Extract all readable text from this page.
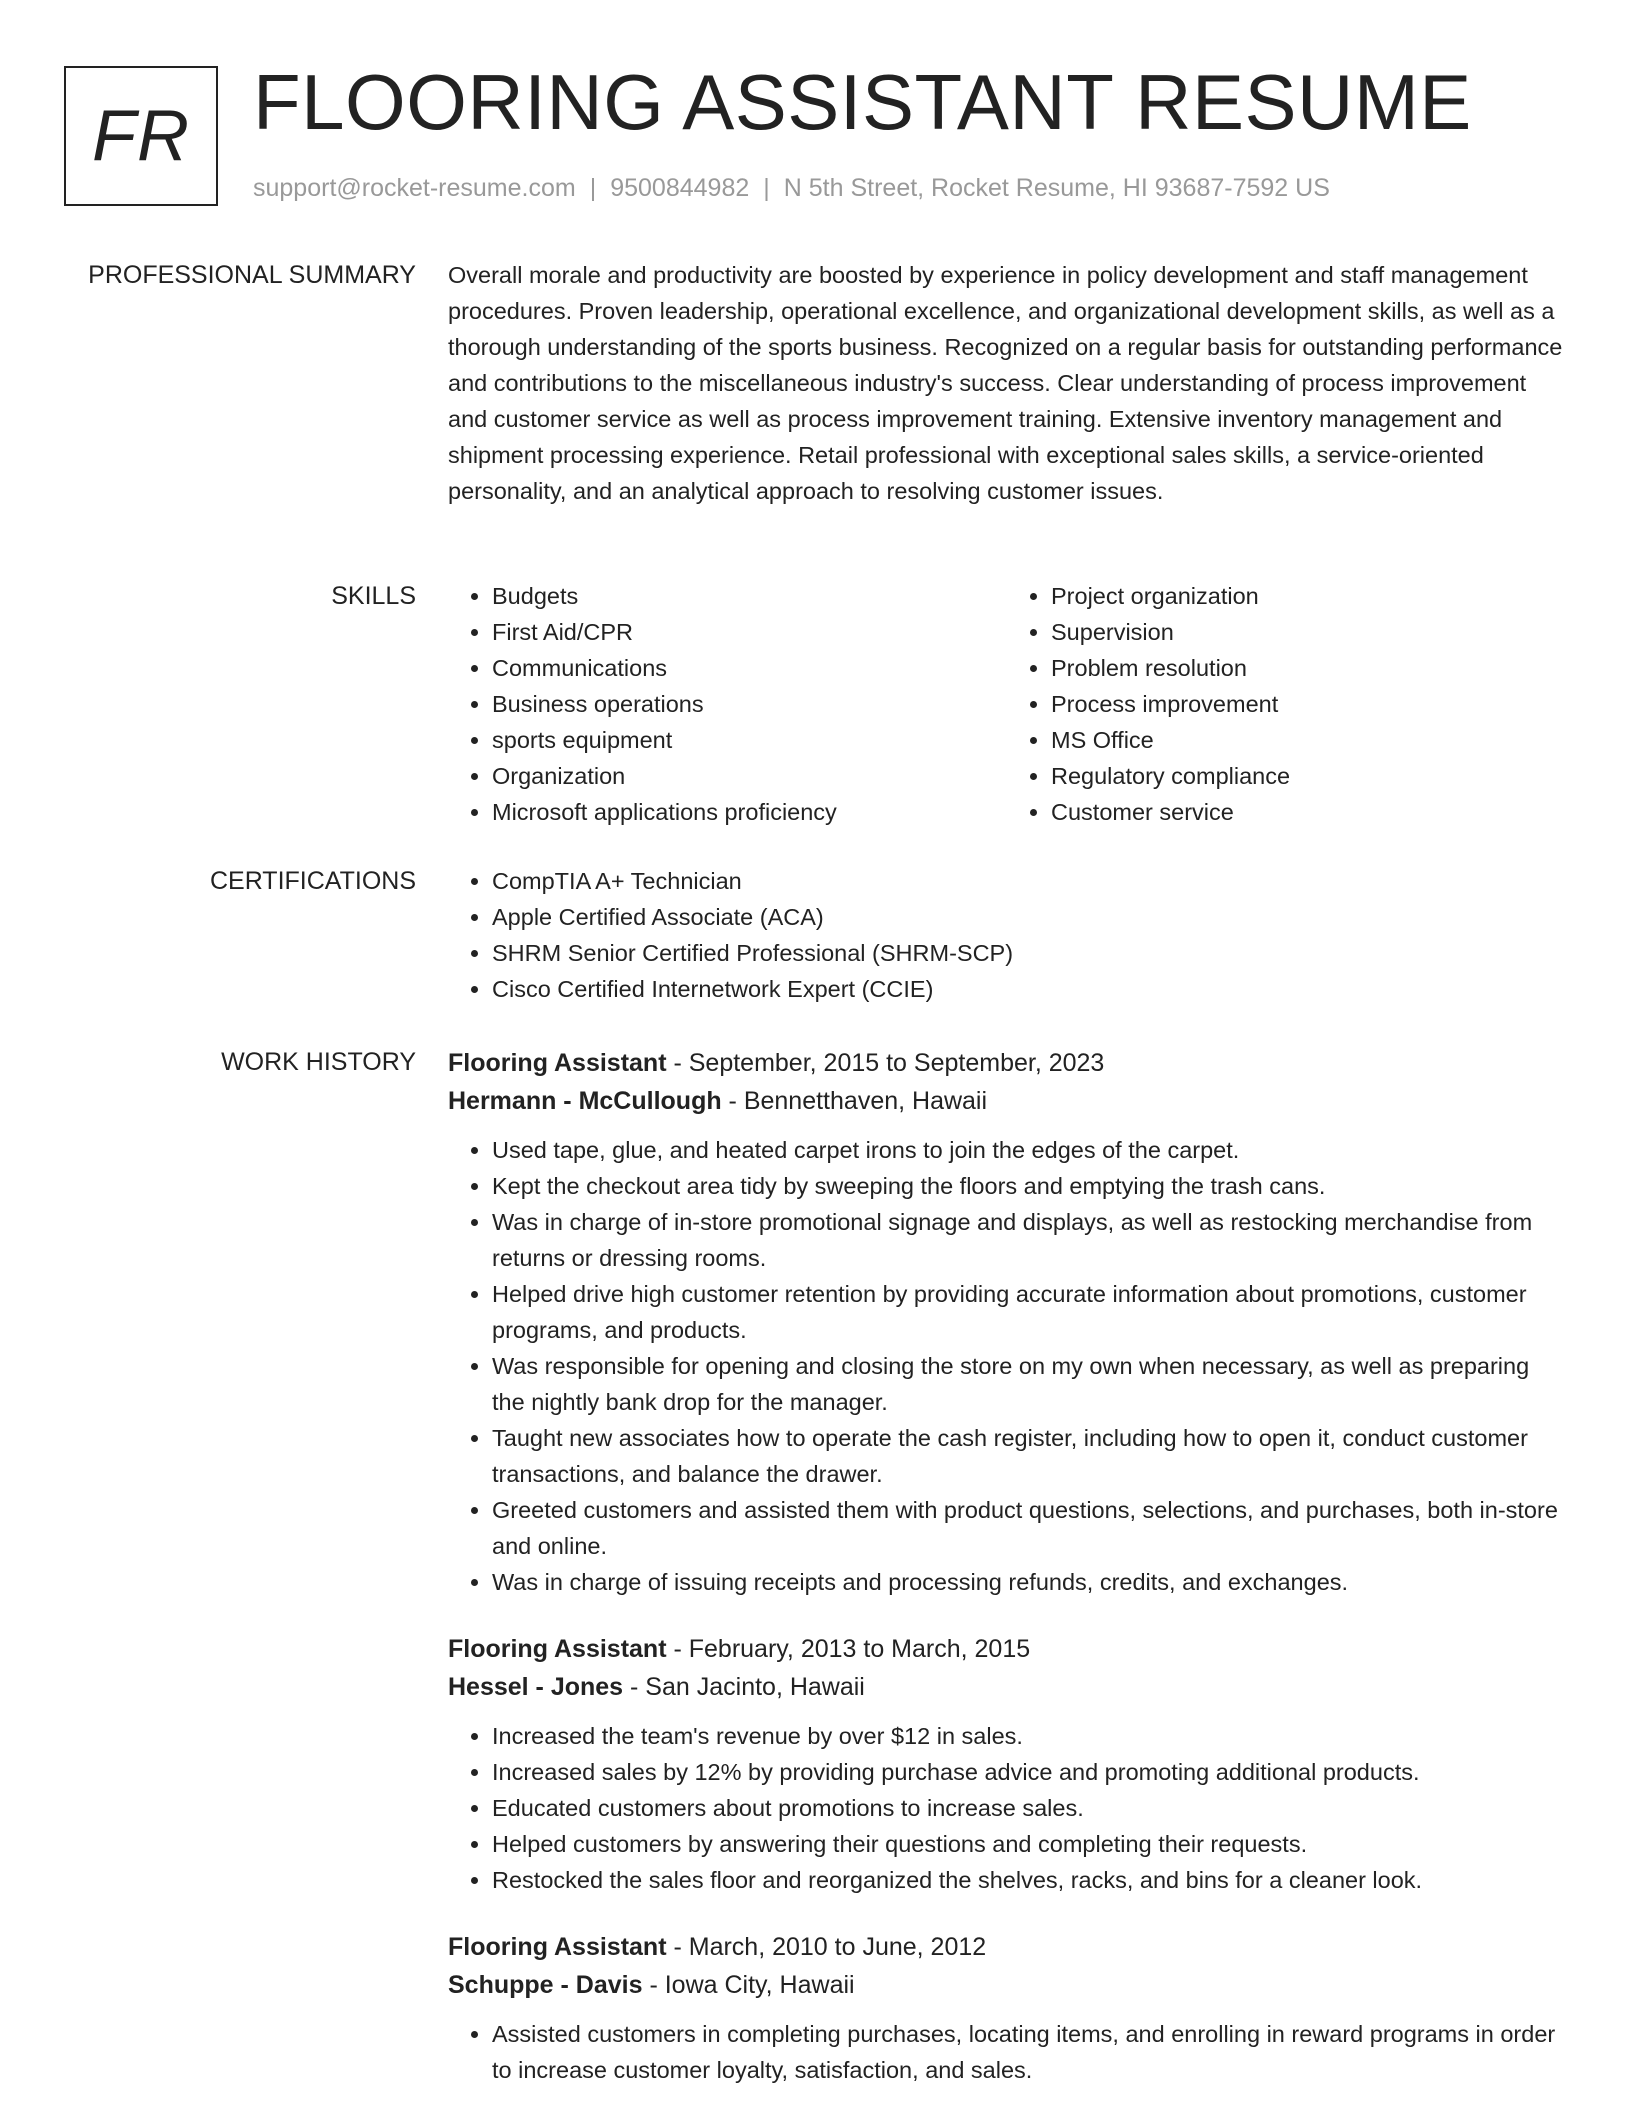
FR FLOORING ASSISTANT RESUME
support@rocket-resume.com | 9500844982 | N 5th Street, Rocket Resume, HI 93687-7592 US
PROFESSIONAL SUMMARY Overall morale and productivity are boosted by experience in policy development and staff management procedures. Proven leadership, operational excellence, and organizational development skills, as well as a thorough understanding of the sports business. Recognized on a regular basis for outstanding performance and contributions to the miscellaneous industry's success. Clear understanding of process improvement and customer service as well as process improvement training. Extensive inventory management and shipment processing experience. Retail professional with exceptional sales skills, a service-oriented personality, and an analytical approach to resolving customer issues.

SKILLS	• Budgets
• First Aid/CPR
• Communications
• Business operations
• sports equipment
• Organization
• Microsoft applications proficiency
• Project organization
• Supervision
• Problem resolution
• Process improvement
• MS Office
• Regulatory compliance
• Customer service
CERTIFICATIONS	• CompTIA A+ Technician
• Apple Certified Associate (ACA)
• SHRM Senior Certified Professional (SHRM-SCP)
• Cisco Certified Internetwork Expert (CCIE)
WORK HISTORY Flooring Assistant - September, 2015 to September, 2023
Hermann - McCullough - Bennetthaven, Hawaii
• Used tape, glue, and heated carpet irons to join the edges of the carpet.
• Kept the checkout area tidy by sweeping the floors and emptying the trash cans.
• Was in charge of in-store promotional signage and displays, as well as restocking merchandise from returns or dressing rooms.
• Helped drive high customer retention by providing accurate information about promotions, customer programs, and products.
• Was responsible for opening and closing the store on my own when necessary, as well as preparing the nightly bank drop for the manager.
• Taught new associates how to operate the cash register, including how to open it, conduct customer transactions, and balance the drawer.
• Greeted customers and assisted them with product questions, selections, and purchases, both in-store and online.
• Was in charge of issuing receipts and processing refunds, credits, and exchanges.
Flooring Assistant - February, 2013 to March, 2015
Hessel - Jones - San Jacinto, Hawaii
• Increased the team's revenue by over $12 in sales.
• Increased sales by 12% by providing purchase advice and promoting additional products.
• Educated customers about promotions to increase sales.
• Helped customers by answering their questions and completing their requests.
• Restocked the sales floor and reorganized the shelves, racks, and bins for a cleaner look.
Flooring Assistant - March, 2010 to June, 2012
Schuppe - Davis - Iowa City, Hawaii
• Assisted customers in completing purchases, locating items, and enrolling in reward programs in order to increase customer loyalty, satisfaction, and sales.
